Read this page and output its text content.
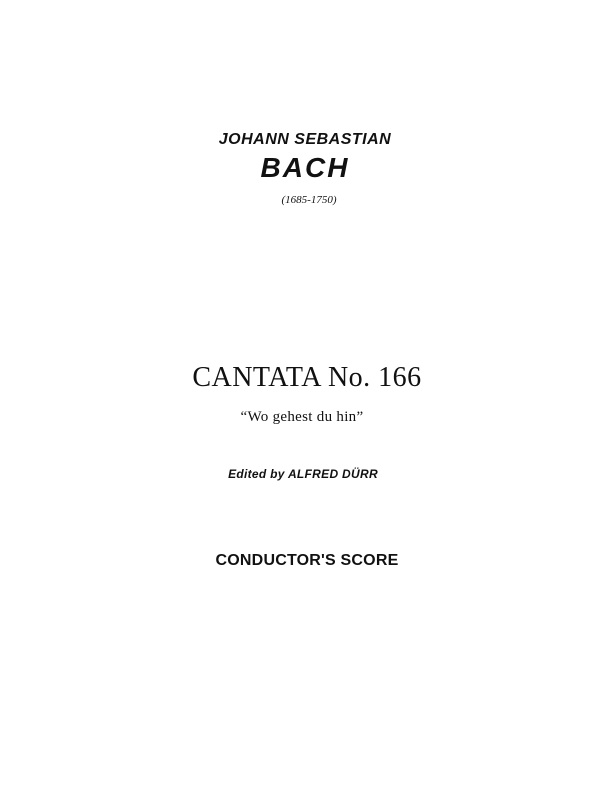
JOHANN SEBASTIAN
BACH
(1685-1750)
CANTATA No. 166
“Wo gehest du hin”
Edited by ALFRED DÜRR
CONDUCTOR'S SCORE
